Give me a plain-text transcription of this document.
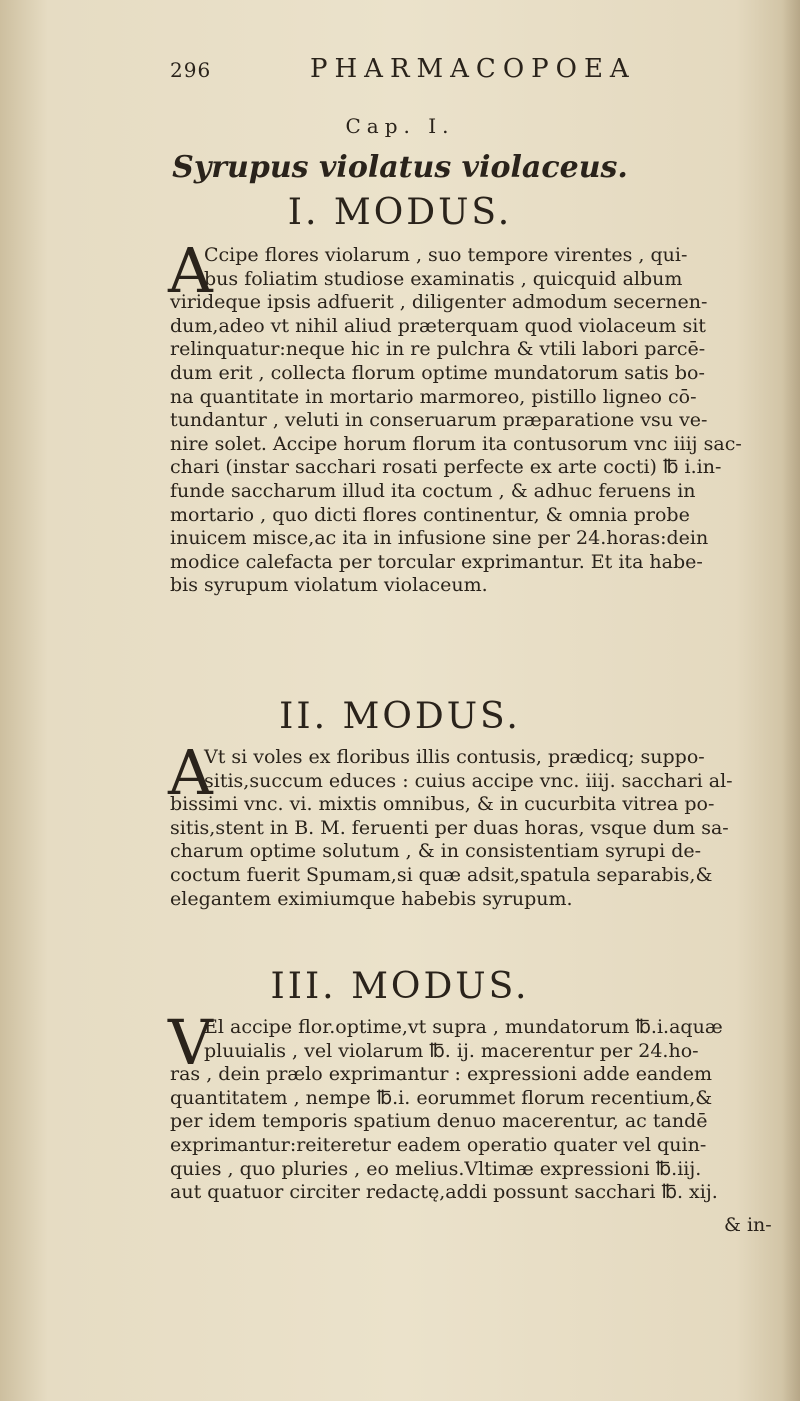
296	PHARMACOPOEA
Cap. I.
Syrupus violatus violaceus.
I. MODUS.
A
Ccipe flores violarum , suo tempore virentes , qui-
bus foliatim studiose examinatis , quicquid album
virideque ipsis adfuerit , diligenter admodum secernen-
dum,adeo vt nihil aliud præterquam quod violaceum sit
relinquatur:neque hic in re pulchra & vtili labori parcē-
dum erit , collecta florum optime mundatorum satis bo-
na quantitate in mortario marmoreo, pistillo ligneo cō-
tundantur , veluti in conseruarum præparatione vsu ve-
nire solet. Accipe horum florum ita contusorum vnc iiij sac-
chari (instar sacchari rosati perfecte ex arte cocti) ℔ i.in-
funde saccharum illud ita coctum , & adhuc feruens in
mortario , quo dicti flores continentur, & omnia probe
inuicem misce,ac ita in infusione sine per 24.horas:dein
modice calefacta per torcular exprimantur. Et ita habe-
bis syrupum violatum violaceum.
II. MODUS.
A
Vt si voles ex floribus illis contusis, prædicq; suppo-
sitis,succum educes : cuius accipe vnc. iiij. sacchari al-
bissimi vnc. vi. mixtis omnibus, & in cucurbita vitrea po-
sitis,stent in B. M. feruenti per duas horas, vsque dum sa-
charum optime solutum , & in consistentiam syrupi de-
coctum fuerit Spumam,si quæ adsit,spatula separabis,&
elegantem eximiumque habebis syrupum.
III. MODUS.
V
El accipe flor.optime,vt supra , mundatorum ℔.i.aquæ
pluuialis , vel violarum ℔. ij. macerentur per 24.ho-
ras , dein prælo exprimantur : expressioni adde eandem
quantitatem , nempe ℔.i. eorummet florum recentium,&
per idem temporis spatium denuo macerentur, ac tandē
exprimantur:reiteretur eadem operatio quater vel quin-
quies , quo pluries , eo melius.Vltimæ expressioni ℔.iij.
aut quatuor circiter redactę,addi possunt sacchari ℔. xij.
& in-
